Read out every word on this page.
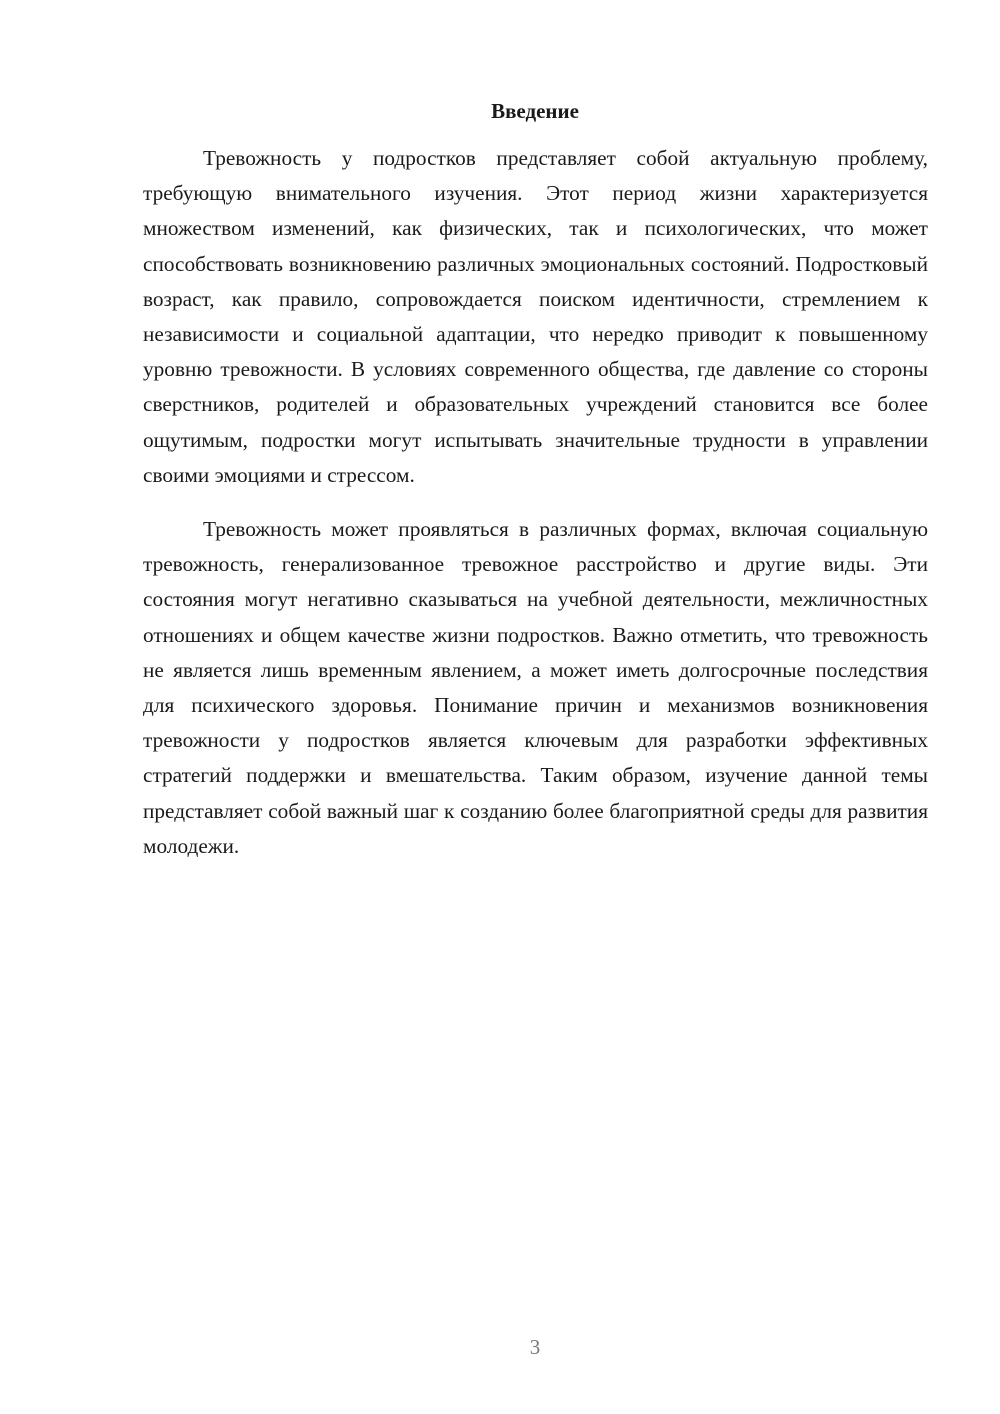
Введение

Тревожность у подростков представляет собой актуальную проблему, требующую внимательного изучения. Этот период жизни характеризуется множеством изменений, как физических, так и психологических, что может способствовать возникновению различных эмоциональных состояний. Подростковый возраст, как правило, сопровождается поиском идентичности, стремлением к независимости и социальной адаптации, что нередко приводит к повышенному уровню тревожности. В условиях современного общества, где давление со стороны сверстников, родителей и образовательных учреждений становится все более ощутимым, подростки могут испытывать значительные трудности в управлении своими эмоциями и стрессом.

Тревожность может проявляться в различных формах, включая социальную тревожность, генерализованное тревожное расстройство и другие виды. Эти состояния могут негативно сказываться на учебной деятельности, межличностных отношениях и общем качестве жизни подростков. Важно отметить, что тревожность не является лишь временным явлением, а может иметь долгосрочные последствия для психического здоровья. Понимание причин и механизмов возникновения тревожности у подростков является ключевым для разработки эффективных стратегий поддержки и вмешательства. Таким образом, изучение данной темы представляет собой важный шаг к созданию более благоприятной среды для развития молодежи.

3
